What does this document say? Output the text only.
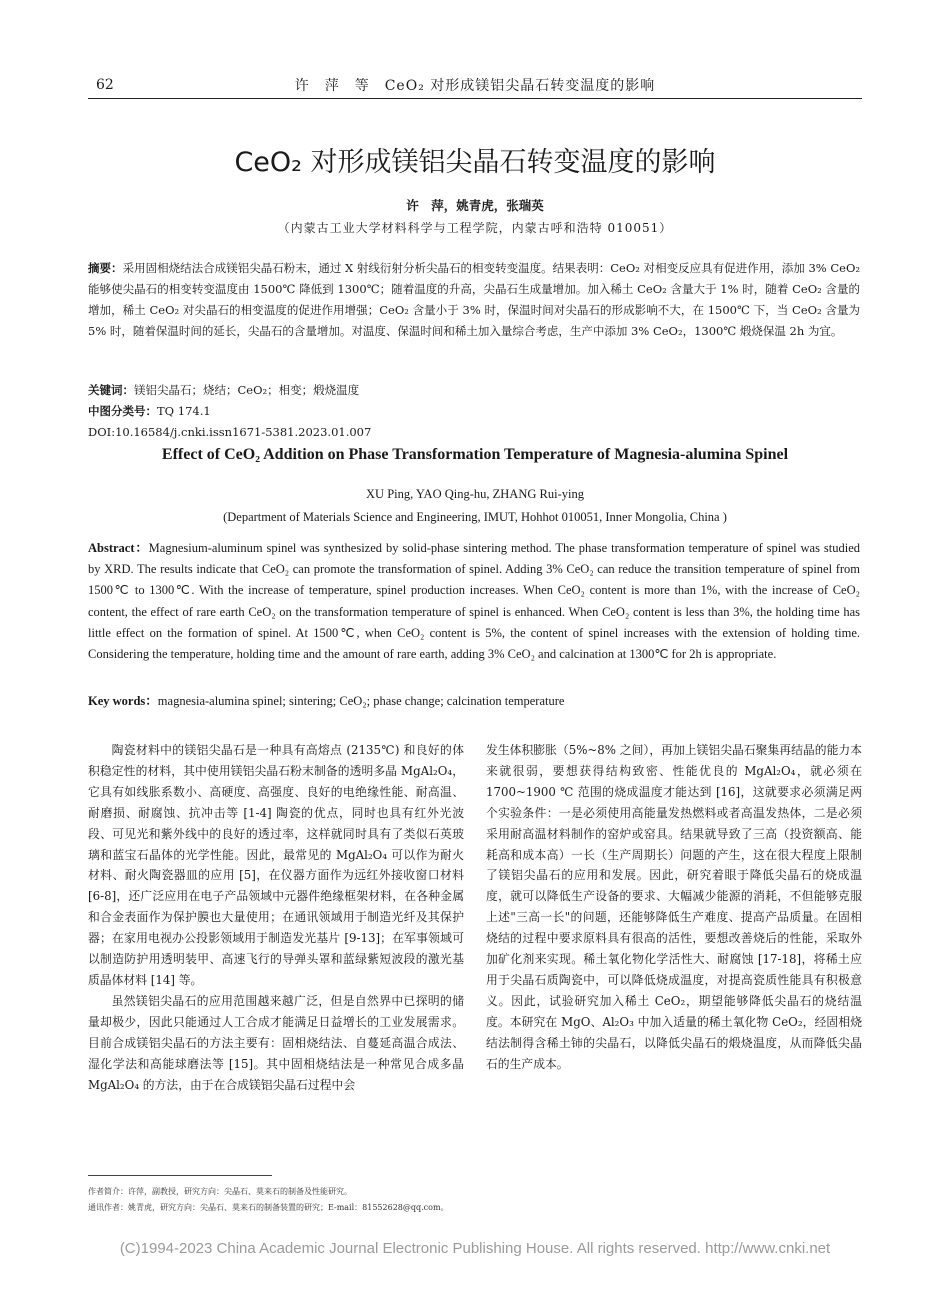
62	许　萍　等　CeO₂ 对形成镁铝尖晶石转变温度的影响
CeO₂ 对形成镁铝尖晶石转变温度的影响
许　萍，姚青虎，张瑞英
（内蒙古工业大学材料科学与工程学院，内蒙古呼和浩特 010051）
摘要：采用固相烧结法合成镁铝尖晶石粉末，通过 X 射线衍射分析尖晶石的相变转变温度。结果表明：CeO₂ 对相变反应具有促进作用，添加 3% CeO₂ 能够使尖晶石的相变转变温度由 1500℃ 降低到 1300℃；随着温度的升高，尖晶石生成量增加。加入稀土 CeO₂ 含量大于 1% 时，随着 CeO₂ 含量的增加，稀土 CeO₂ 对尖晶石的相变温度的促进作用增强；CeO₂ 含量小于 3% 时，保温时间对尖晶石的形成影响不大，在 1500℃ 下，当 CeO₂ 含量为 5% 时，随着保温时间的延长，尖晶石的含量增加。对温度、保温时间和稀土加入量综合考虑，生产中添加 3% CeO₂，1300℃ 煅烧保温 2h 为宜。
关键词：镁铝尖晶石；烧结；CeO₂；相变；煅烧温度
中图分类号：TQ 174.1
DOI:10.16584/j.cnki.issn1671-5381.2023.01.007
Effect of CeO₂ Addition on Phase Transformation Temperature of Magnesia-alumina Spinel
XU Ping, YAO Qing-hu, ZHANG Rui-ying
(Department of Materials Science and Engineering, IMUT, Hohhot 010051, Inner Mongolia, China )
Abstract：Magnesium-aluminum spinel was synthesized by solid-phase sintering method. The phase transformation temperature of spinel was studied by XRD. The results indicate that CeO₂ can promote the transformation of spinel. Adding 3% CeO₂ can reduce the transition temperature of spinel from 1500℃ to 1300℃. With the increase of temperature, spinel production increases. When CeO₂ content is more than 1%, with the increase of CeO₂ content, the effect of rare earth CeO₂ on the transformation temperature of spinel is enhanced. When CeO₂ content is less than 3%, the holding time has little effect on the formation of spinel. At 1500℃, when CeO₂ content is 5%, the content of spinel increases with the extension of holding time. Considering the temperature, holding time and the amount of rare earth, adding 3% CeO₂ and calcination at 1300℃ for 2h is appropriate.
Key words：magnesia-alumina spinel; sintering; CeO₂; phase change; calcination temperature

陶瓷材料中的镁铝尖晶石是一种具有高熔点 (2135℃) 和良好的体积稳定性的材料，其中使用镁铝尖晶石粉末制备的透明多晶 MgAl₂O₄，它具有如线胀系数小、高硬度、高强度、良好的电绝缘性能、耐高温、耐磨损、耐腐蚀、抗冲击等 [1-4] 陶瓷的优点，同时也具有红外光波段、可见光和紫外线中的良好的透过率，这样就同时具有了类似石英玻璃和蓝宝石晶体的光学性能。因此，最常见的 MgAl₂O₄ 可以作为耐火材料、耐火陶瓷器皿的应用 [5]，在仪器方面作为远红外接收窗口材料 [6-8]，还广泛应用在电子产品领域中元器件绝缘框架材料，在各种金属和合金表面作为保护膜也大量使用；在通讯领域用于制造光纤及其保护器；在家用电视办公投影领域用于制造发光基片 [9-13]；在军事领域可以制造防护用透明装甲、高速飞行的导弹头罩和蓝绿紫短波段的激光基质晶体材料 [14] 等。

虽然镁铝尖晶石的应用范围越来越广泛，但是自然界中已探明的储量却极少，因此只能通过人工合成才能满足日益增长的工业发展需求。目前合成镁铝尖晶石的方法主要有：固相烧结法、自蔓延高温合成法、湿化学法和高能球磨法等 [15]。其中固相烧结法是一种常见合成多晶 MgAl₂O₄ 的方法，由于在合成镁铝尖晶石过程中会

发生体积膨胀（5%~8% 之间），再加上镁铝尖晶石聚集再结晶的能力本来就很弱，要想获得结构致密、性能优良的 MgAl₂O₄，就必须在 1700~1900 ℃ 范围的烧成温度才能达到 [16]，这就要求必须满足两个实验条件：一是必须使用高能量发热燃料或者高温发热体，二是必须采用耐高温材料制作的窑炉或窑具。结果就导致了三高（投资额高、能耗高和成本高）一长（生产周期长）问题的产生，这在很大程度上限制了镁铝尖晶石的应用和发展。因此，研究着眼于降低尖晶石的烧成温度，就可以降低生产设备的要求、大幅减少能源的消耗，不但能够克服上述"三高一长"的问题，还能够降低生产难度、提高产品质量。在固相烧结的过程中要求原料具有很高的活性，要想改善烧后的性能，采取外加矿化剂来实现。稀土氧化物化学活性大、耐腐蚀 [17-18]，将稀土应用于尖晶石质陶瓷中，可以降低烧成温度，对提高瓷质性能具有积极意义。因此，试验研究加入稀土 CeO₂，期望能够降低尖晶石的烧结温度。本研究在 MgO、Al₂O₃ 中加入适量的稀土氧化物 CeO₂，经固相烧结法制得含稀土铈的尖晶石，以降低尖晶石的煅烧温度，从而降低尖晶石的生产成本。

作者简介：许萍，副教授，研究方向：尖晶石、莫来石的制备及性能研究。
通讯作者：姚青虎，研究方向：尖晶石、莫来石的制备装置的研究；E-mail：81552628@qq.com。
(C)1994-2023 China Academic Journal Electronic Publishing House. All rights reserved. http://www.cnki.net
